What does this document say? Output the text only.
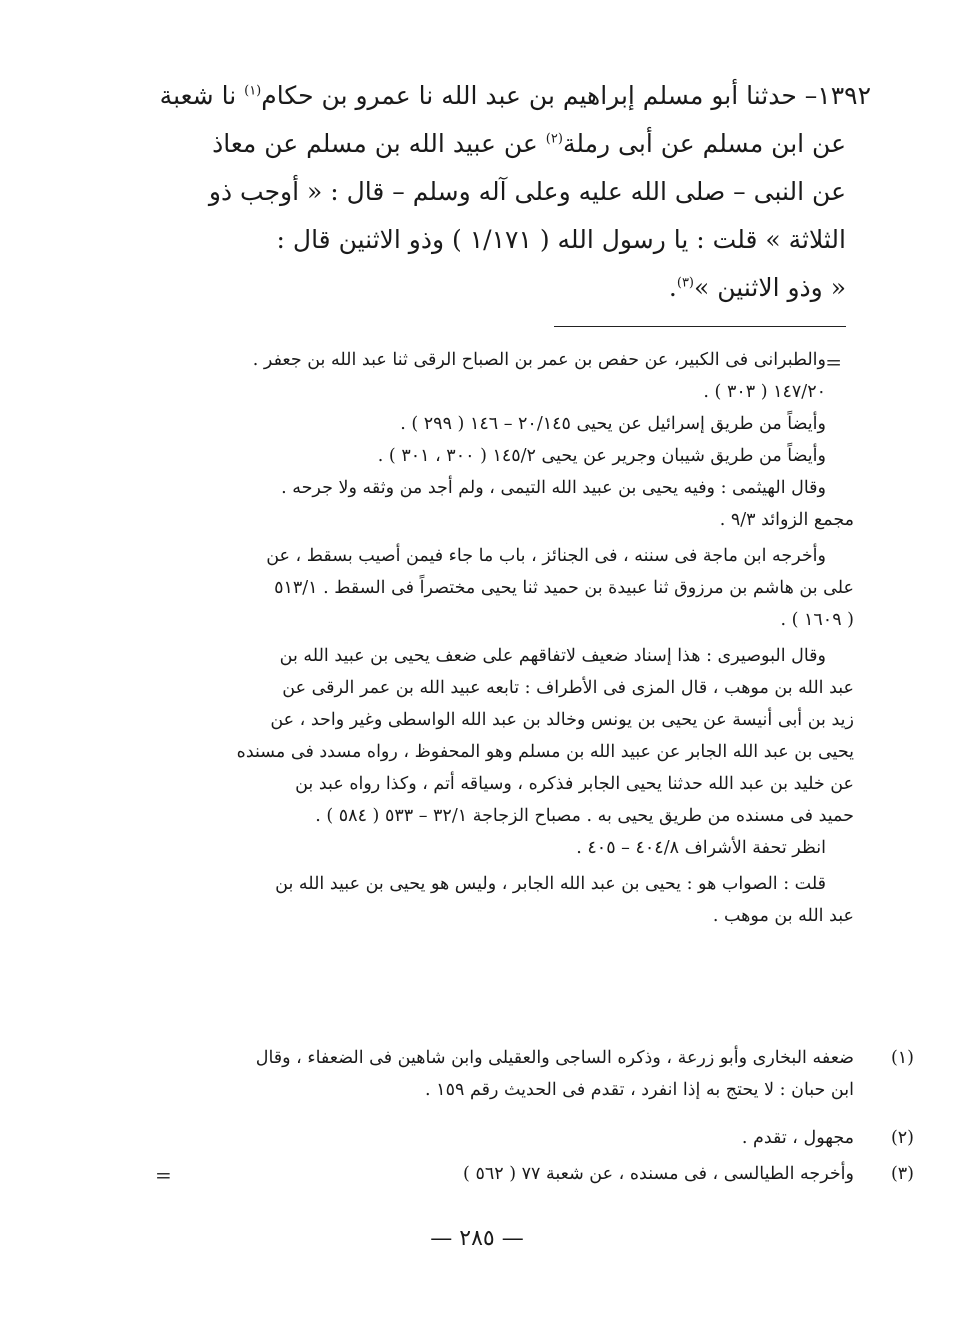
١٣٩٢– حدثنا أبو مسلم إبراهيم بن عبد الله نا عمرو بن حكام$^{(١)}$ نا شعبة

عن ابن مسلم عن أبى رملة$^{(٢)}$ عن عبيد الله بن مسلم عن معاذ

عن النبى – صلى الله عليه وعلى آله وسلم – قال : « أوجب ذو

الثلاثة » قلت : يا رسول الله ( ١/١٧١ ) وذو الاثنين قال :

« وذو الاثنين »$^{(٣)}$.

=

والطبرانى فى الكبير، عن حفص بن عمر بن الصباح الرقى ثنا عبد الله بن جعفر .

١٤٧/٢٠ ( ٣٠٣ ) .

وأيضاً من طريق إسرائيل عن يحيى ٢٠/١٤٥ – ١٤٦ ( ٢٩٩ ) .

وأيضاً من طريق شيبان وجرير عن يحيى ١٤٥/٢ ( ٣٠٠ ، ٣٠١ ) .

وقال الهيثمى : وفيه يحيى بن عبيد الله التيمى ، ولم أجد من وثقه ولا جرحه .

مجمع الزوائد ٩/٣ .

وأخرجه ابن ماجة فى سننه ، فى الجنائز ، باب ما جاء فيمن أصيب بسقط ، عن

على بن هاشم بن مرزوق ثنا عبيدة بن حميد ثنا يحيى مختصراً فى السقط . ٥١٣/١

( ١٦٠٩ ) .

وقال البوصيرى : هذا إسناد ضعيف لاتفاقهم على ضعف يحيى بن عبيد الله بن

عبد الله بن موهب ، قال المزى فى الأطراف : تابعه عبيد الله بن عمر الرقى عن

زيد بن أبى أنيسة عن يحيى بن يونس وخالد بن عبد الله الواسطى وغير واحد ، عن

يحيى بن عبد الله الجابر عن عبيد الله بن مسلم وهو المحفوظ ، رواه مسدد فى مسنده

عن خليد بن عبد الله حدثنا يحيى الجابر فذكره ، وسياقه أتم ، وكذا رواه عبد بن

حميد فى مسنده من طريق يحيى به . مصباح الزجاجة ٣٢/١ – ٥٣٣ ( ٥٨٤ ) .

انظر تحفة الأشراف ٤٠٤/٨ – ٤٠٥ .

قلت : الصواب هو : يحيى بن عبد الله الجابر ، وليس هو يحيى بن عبيد الله بن

عبد الله بن موهب .

(١)

ضعفه البخارى وأبو زرعة ، وذكره الساجى والعقيلى وابن شاهين فى الضعفاء ، وقال

ابن حبان : لا يحتج به إذا انفرد ، تقدم فى الحديث رقم ١٥٩ .

(٢)

مجهول ، تقدم .

(٣)

وأخرجه الطيالسى ، فى مسنده ، عن شعبة ٧٧ ( ٥٦٢ )

=
— ٢٨٥ —
